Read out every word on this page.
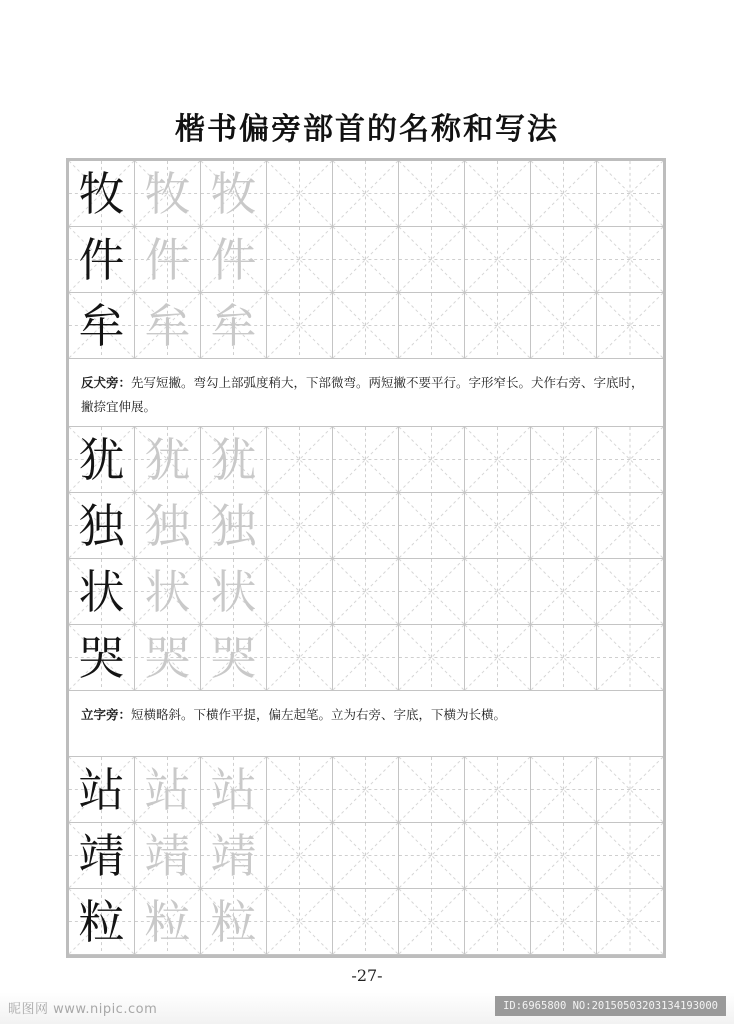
楷书偏旁部首的名称和写法
牧 牧 牧
件 件 件
牟 牟 牟
反犬旁：先写短撇。弯勾上部弧度稍大，下部微弯。两短撇不要平行。字形窄长。犬作右旁、字底时，撇捺宜伸展。
犹 犹 犹
独 独 独
状 状 状
哭 哭 哭
立字旁：短横略斜。下横作平提，偏左起笔。立为右旁、字底，下横为长横。
站 站 站
靖 靖 靖
粒 粒 粒
-27-
昵图网 www.nipic.com	ID:6965800 NO:20150503203134193000
